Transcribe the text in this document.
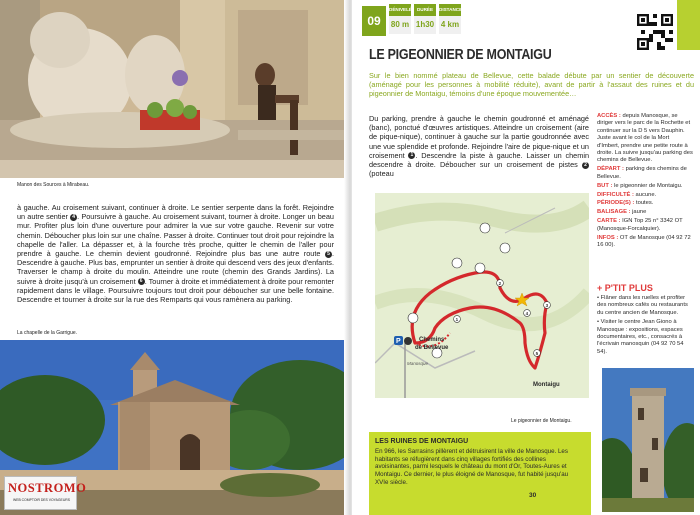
Manon des Sources à Mirabeau.
à gauche. Au croisement suivant, continuer à droite. Le sentier serpente dans la forêt. Rejoindre un autre sentier 4 . Poursuivre à gauche. Au croisement suivant, tourner à droite. Longer un beau mur. Profiter plus loin d'une ouverture pour admirer la vue sur votre gauche. Revenir sur votre chemin. Déboucher plus loin sur une chaîne. Passer à droite. Continuer tout droit pour rejoindre la chapelle de l'aller. La dépasser et, à la fourche très proche, quitter le chemin de l'aller pour prendre à gauche. Le chemin devient goudronné. Rejoindre plus bas une autre route 5 . Descendre à gauche. Plus bas, emprunter un sentier à droite qui descend vers des jeux d'enfants. Traverser le champ à droite du moulin. Atteindre une route (chemin des Grands Jardins). La suivre à droite jusqu'à un croisement 6 . Tourner à droite et immédiatement à droite pour remonter rapidement dans le village. Poursuivre toujours tout droit pour déboucher sur une belle fontaine. Descendre et tourner à droite sur la rue des Remparts qui vous ramènera au parking.
La chapelle de la Garrigue.
NOSTROMO
WEB COMPTOIR DES VOYAGEURS
09
DÉNIVELÉ
80 m
DURÉE
1h30
DISTANCE
4 km
LE PIGEONNIER DE MONTAIGU
Sur le bien nommé plateau de Bellevue, cette balade débute par un sentier de découverte (aménagé pour les personnes à mobilité réduite), avant de partir à l'assaut des ruines et du pigeonnier de Montaigu, témoins d'une époque mouvementée…
Du parking, prendre à gauche le chemin goudronné et aménagé (banc), ponctué d'œuvres artistiques. Atteindre un croisement (aire de pique-nique), continuer à gauche sur la partie goudronnée avec une vue splendide et profonde. Rejoindre l'aire de pique-nique et un croisement 1 . Descendre la piste à gauche. Laisser un chemin descendre à droite. Déboucher sur un croisement de pistes 2 (poteau

ACCÈS : depuis Manosque, se diriger vers le parc de la Rochette et continuer sur la D 5 vers Dauphin. Juste avant le col de la Mort d'Imbert, prendre une petite route à droite. La suivre jusqu'au parking des chemins de Bellevue.

DÉPART : parking des chemins de Bellevue.

BUT : le pigeonnier de Montaigu.

DIFFICULTÉ : aucune.

PÉRIODE(S) : toutes.

BALISAGE : jaune

CARTE : IGN Top 25 n° 3342 OT (Manosque-Forcalquier).

INFOS : OT de Manosque (04 92 72 16 00).

P	Chemins
de Bellevue
Montaigu
Manosque
1
2
3
4
5
+ P'TIT PLUS

• Flâner dans les ruelles et profiter des nombreux cafés ou restaurants du centre ancien de Manosque.

• Visiter le centre Jean Giono à Manosque : expositions, espaces documentaires, etc., consacrés à l'écrivain manosquin (04 92 70 54 54).

Le pigeonnier de Montaigu.
LES RUINES DE MONTAIGU
En 966, les Sarrasins pillèrent et détruisirent la ville de Manosque. Les habitants se réfugièrent dans cinq villages fortifiés des collines avoisinantes, parmi lesquels le château du mont d'Or, Toutes-Aures et Montaigu. Ce dernier, le plus éloigné de Manosque, fut habité jusqu'au XVIe siècle.
30
